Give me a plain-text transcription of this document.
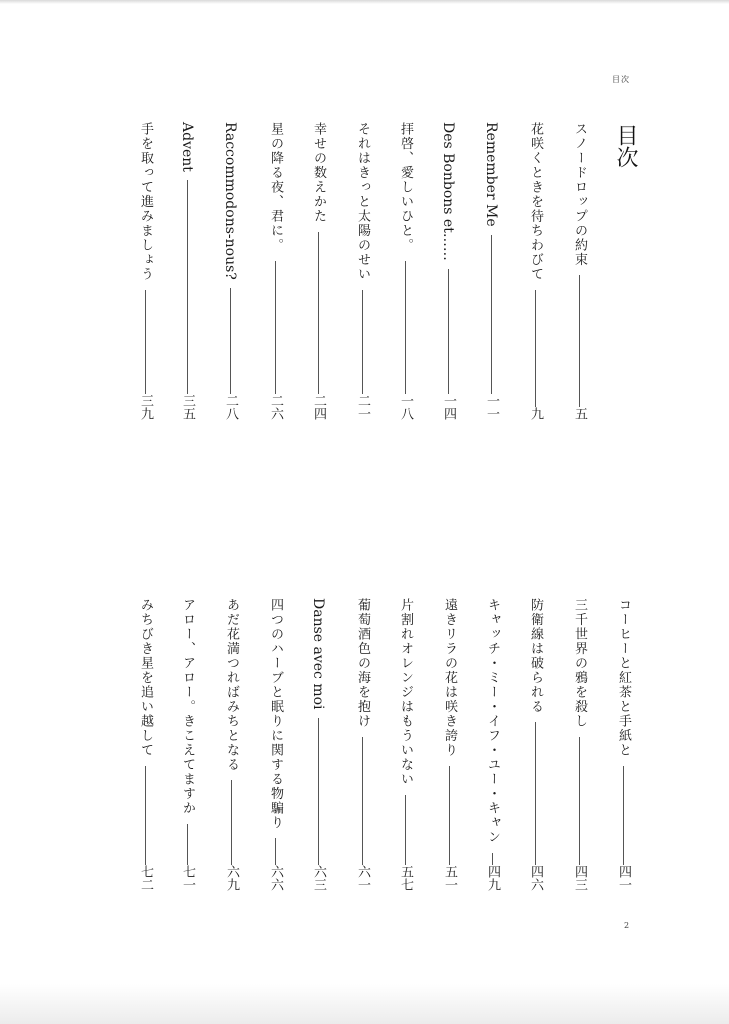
目次
目次
スノードロップの約束
五
花咲くときを待ちわびて
九
Remember Me
一一
Des Bonbons et……
一四
拝啓、愛しいひと。
一八
それはきっと太陽のせい
二一
幸せの数えかた
二四
星の降る夜、君に。
二六
Raccommodons-nous?
二八
Advent
三五
手を取って進みましょう
三九
コーヒーと紅茶と手紙と
四一
三千世界の鴉を殺し
四三
防衛線は破られる
四六
キャッチ・ミー・イフ・ユー・キャン
四九
遠きリラの花は咲き誇り
五一
片割れオレンジはもういない
五七
葡萄酒色の海を抱け
六一
Danse avec moi
六三
四つのハーブと眠りに関する物騙り
六六
あだ花満つればみちとなる
六九
アロー、アロー。きこえてますか
七一
みちびき星を追い越して
七二
2
